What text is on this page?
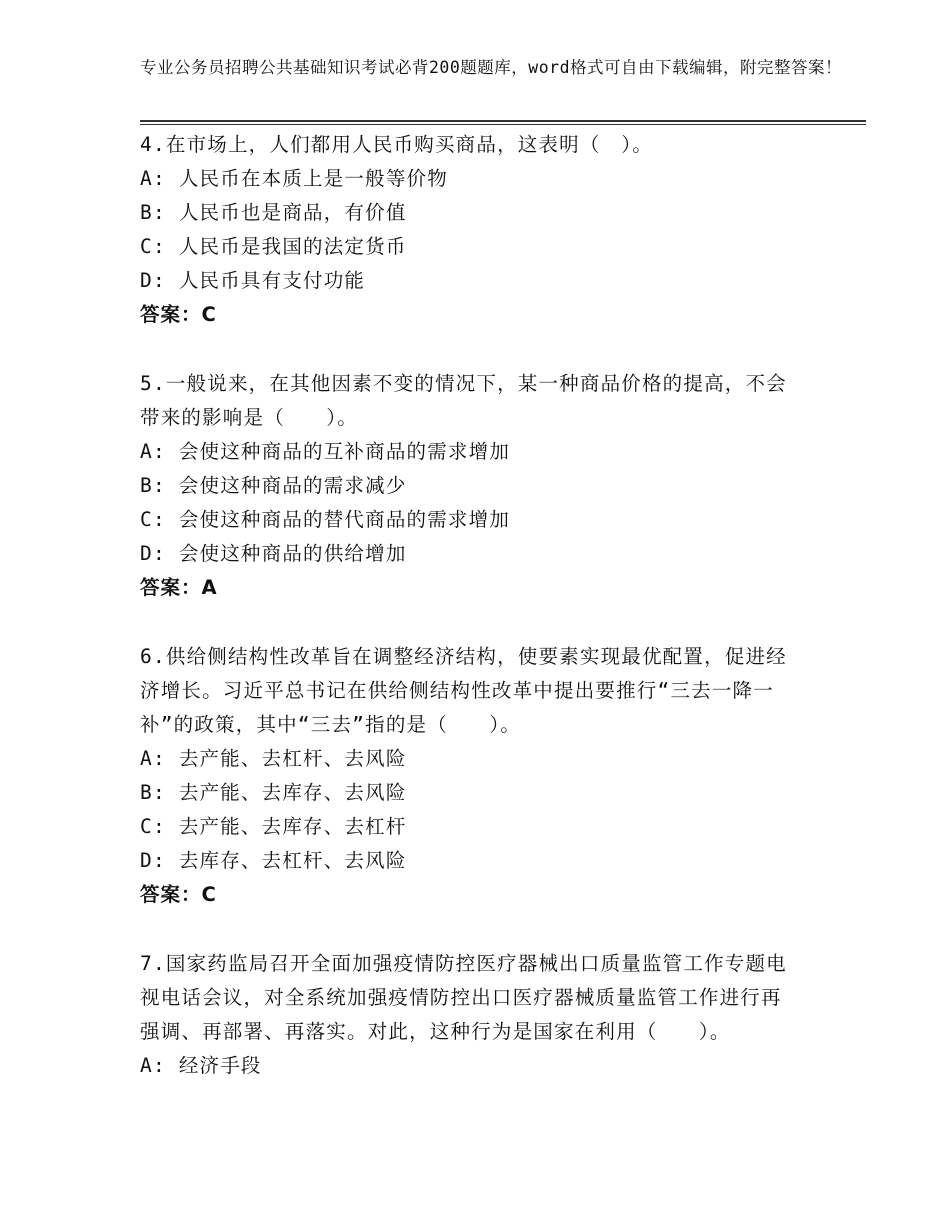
专业公务员招聘公共基础知识考试必背200题题库，word格式可自由下载编辑，附完整答案！
4.在市场上，人们都用人民币购买商品，这表明（　）。
A: 人民币在本质上是一般等价物
B: 人民币也是商品，有价值
C: 人民币是我国的法定货币
D: 人民币具有支付功能
答案：C
5.一般说来，在其他因素不变的情况下，某一种商品价格的提高，不会带来的影响是（　　）。
A: 会使这种商品的互补商品的需求增加
B: 会使这种商品的需求减少
C: 会使这种商品的替代商品的需求增加
D: 会使这种商品的供给增加
答案：A
6.供给侧结构性改革旨在调整经济结构，使要素实现最优配置，促进经济增长。习近平总书记在供给侧结构性改革中提出要推行“三去一降一补”的政策，其中“三去”指的是（　　）。
A: 去产能、去杠杆、去风险
B: 去产能、去库存、去风险
C: 去产能、去库存、去杠杆
D: 去库存、去杠杆、去风险
答案：C
7.国家药监局召开全面加强疫情防控医疗器械出口质量监管工作专题电视电话会议，对全系统加强疫情防控出口医疗器械质量监管工作进行再强调、再部署、再落实。对此，这种行为是国家在利用（　　）。
A: 经济手段
